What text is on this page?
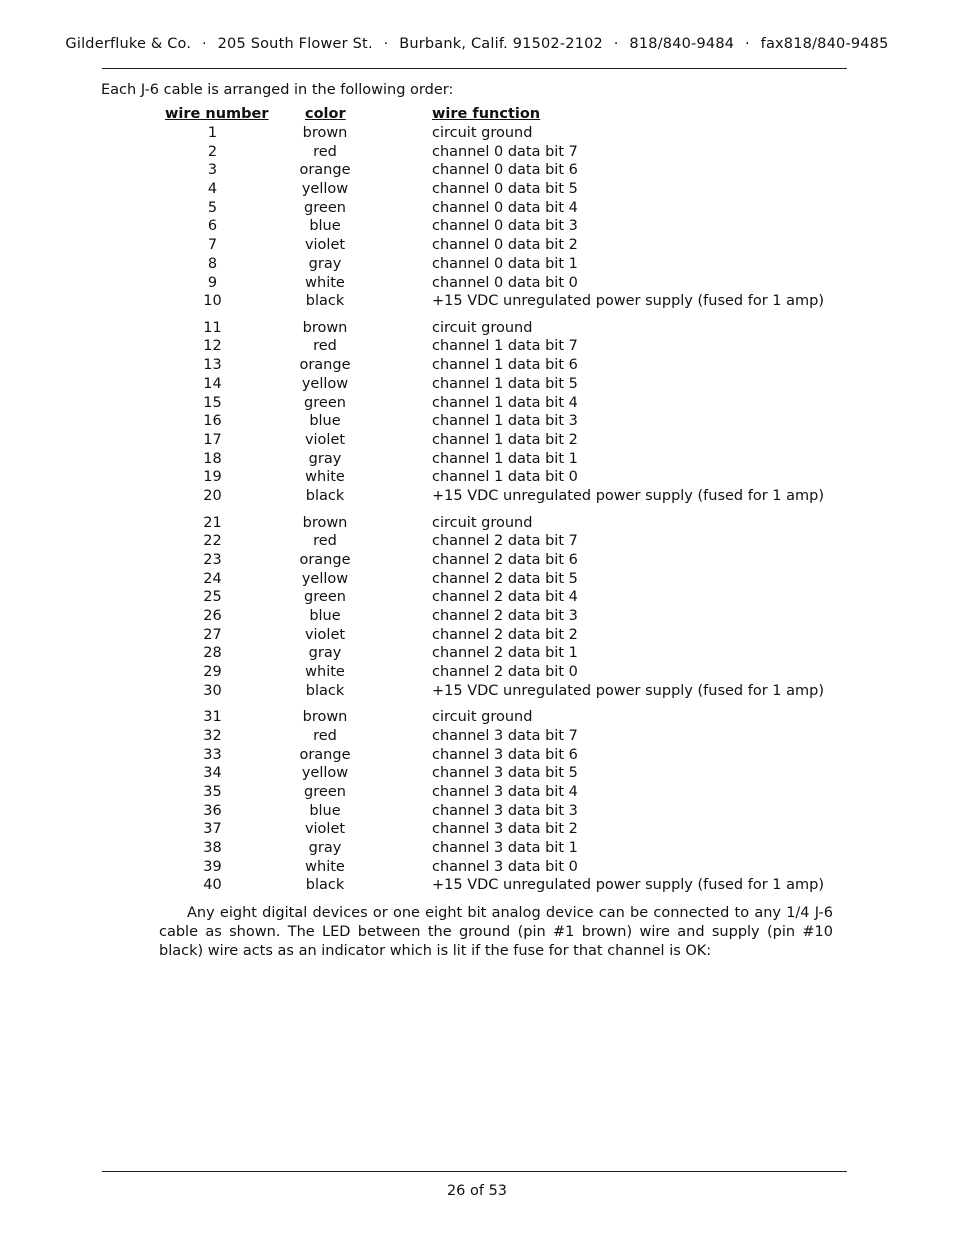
Gilderfluke & Co. · 205 South Flower St. · Burbank, Calif. 91502-2102 · 818/840-9484 · fax818/840-9485
Each J-6 cable is arranged in the following order:
wire number	color	wire function
1	brown	circuit ground
2	red	channel 0 data bit 7
3	orange	channel 0 data bit 6
4	yellow	channel 0 data bit 5
5	green	channel 0 data bit 4
6	blue	channel 0 data bit 3
7	violet	channel 0 data bit 2
8	gray	channel 0 data bit 1
9	white	channel 0 data bit 0
10	black	+15 VDC unregulated power supply (fused for 1 amp)
11	brown	circuit ground
12	red	channel 1 data bit 7
13	orange	channel 1 data bit 6
14	yellow	channel 1 data bit 5
15	green	channel 1 data bit 4
16	blue	channel 1 data bit 3
17	violet	channel 1 data bit 2
18	gray	channel 1 data bit 1
19	white	channel 1 data bit 0
20	black	+15 VDC unregulated power supply (fused for 1 amp)
21	brown	circuit ground
22	red	channel 2 data bit 7
23	orange	channel 2 data bit 6
24	yellow	channel 2 data bit 5
25	green	channel 2 data bit 4
26	blue	channel 2 data bit 3
27	violet	channel 2 data bit 2
28	gray	channel 2 data bit 1
29	white	channel 2 data bit 0
30	black	+15 VDC unregulated power supply (fused for 1 amp)
31	brown	circuit ground
32	red	channel 3 data bit 7
33	orange	channel 3 data bit 6
34	yellow	channel 3 data bit 5
35	green	channel 3 data bit 4
36	blue	channel 3 data bit 3
37	violet	channel 3 data bit 2
38	gray	channel 3 data bit 1
39	white	channel 3 data bit 0
40	black	+15 VDC unregulated power supply (fused for 1 amp)
Any eight digital devices or one eight bit analog device can be connected to any 1/4 J-6 cable as shown. The LED between the ground (pin #1 brown) wire and supply (pin #10 black) wire acts as an indicator which is lit if the fuse for that channel is OK:
26 of 53
